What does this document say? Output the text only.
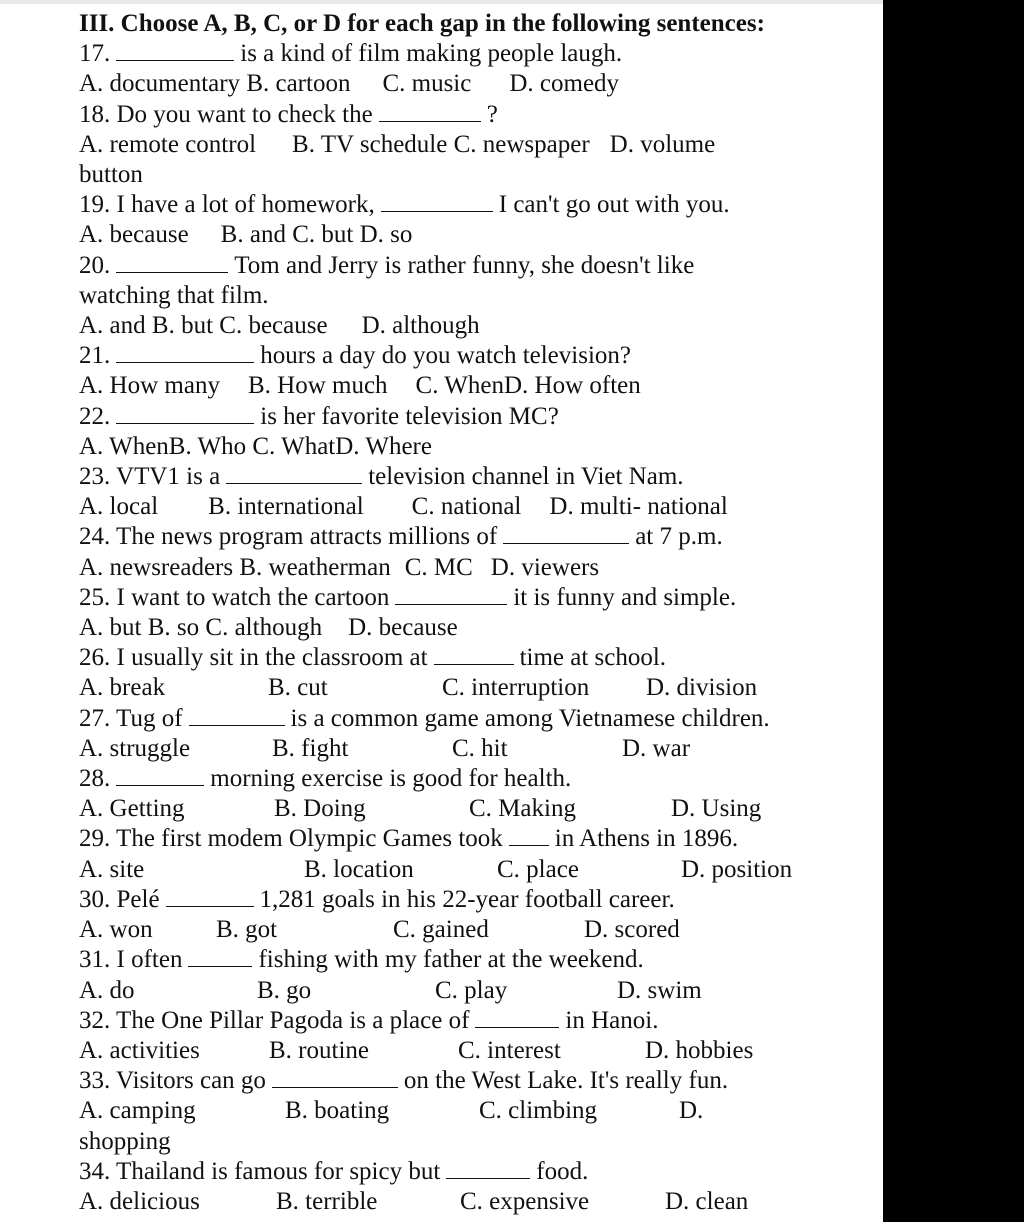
III. Choose A, B, C, or D for each gap in the following sentences:
17.	is a kind of film making people laugh.
A. documentary B. cartoon C. music D. comedy
18. Do you want to check the	?
A. remote control B. TV schedule C. newspaper D. volume
button
19. I have a lot of homework,	I can't go out with you.
A. because B. and C. but D. so
20.	Tom and Jerry is rather funny, she doesn't like
watching that film.
A. and B. but C. because D. although
21.	hours a day do you watch television?
A. How many B. How much C. WhenD. How often
22.	is her favorite television MC?
A. WhenB. Who C. WhatD. Where
23. VTV1 is a	television channel in Viet Nam.
A. local B. international C. national D. multi- national
24. The news program attracts millions of	at 7 p.m.
A. newsreaders B. weatherman C. MC D. viewers
25. I want to watch the cartoon	it is funny and simple.
A. but B. so C. although D. because
26. I usually sit in the classroom at	time at school.
A. break	B. cut	C. interruption D. division
27. Tug of	is a common game among Vietnamese children.
A. struggle	B. fight	C. hit	D. war
28.	morning exercise is good for health.
A. Getting	B. Doing	C. Making	D. Using
29. The first modem Olympic Games took in Athens in 1896.
A. site	B. location	C. place	D. position
30. Pelé	1,281 goals in his 22-year football career.
A. won	B. got	C. gained	D. scored
31. I often	fishing with my father at the weekend.
A. do	B. go	C. play	D. swim
32. The One Pillar Pagoda is a place of	in Hanoi.
A. activities	B. routine	C. interest	D. hobbies
33. Visitors can go	on the West Lake. It's really fun.
A. camping	B. boating	C. climbing	D.
shopping
34. Thailand is famous for spicy but	food.
A. delicious	B. terrible	C. expensive	D. clean
